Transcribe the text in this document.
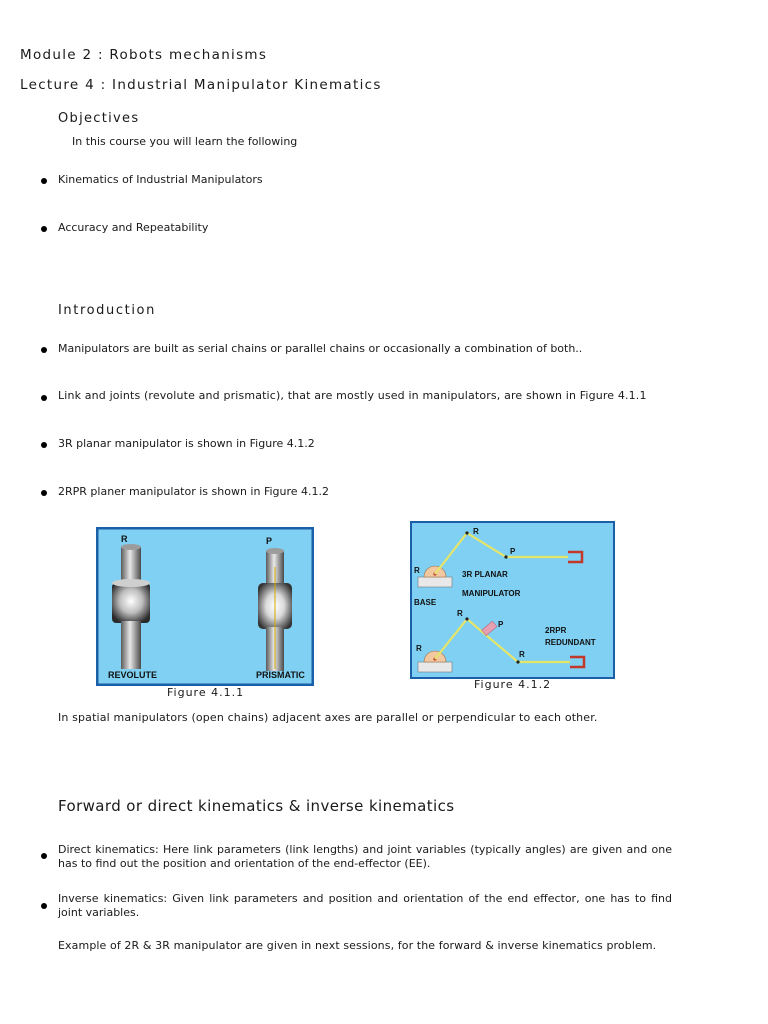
Module 2 : Robots mechanisms
Lecture 4 : Industrial Manipulator Kinematics
Objectives
In this course you will learn the following
Kinematics of Industrial Manipulators
Accuracy and Repeatability
Introduction
Manipulators are built as serial chains or parallel chains or occasionally a combination of both..
Link and joints (revolute and prismatic), that are mostly used in manipulators, are shown in Figure 4.1.1
3R planar manipulator is shown in Figure 4.1.2
2RPR planer manipulator is shown in Figure 4.1.2
R	P
REVOLUTE	PRISMATIC
Figure 4.1.1
R
P
R
BASE
3R PLANAR
MANIPULATOR
R
P
2RPR
REDUNDANT
R
R
Figure 4.1.2
In spatial manipulators (open chains) adjacent axes are parallel or perpendicular to each other.
Forward or direct kinematics & inverse kinematics
Direct kinematics: Here link parameters (link lengths) and joint variables (typically angles) are given and one has to find out the position and orientation of the end-effector (EE).
Inverse kinematics: Given link parameters and position and orientation of the end effector, one has to find joint variables.
Example of 2R & 3R manipulator are given in next sessions, for the forward & inverse kinematics problem.
